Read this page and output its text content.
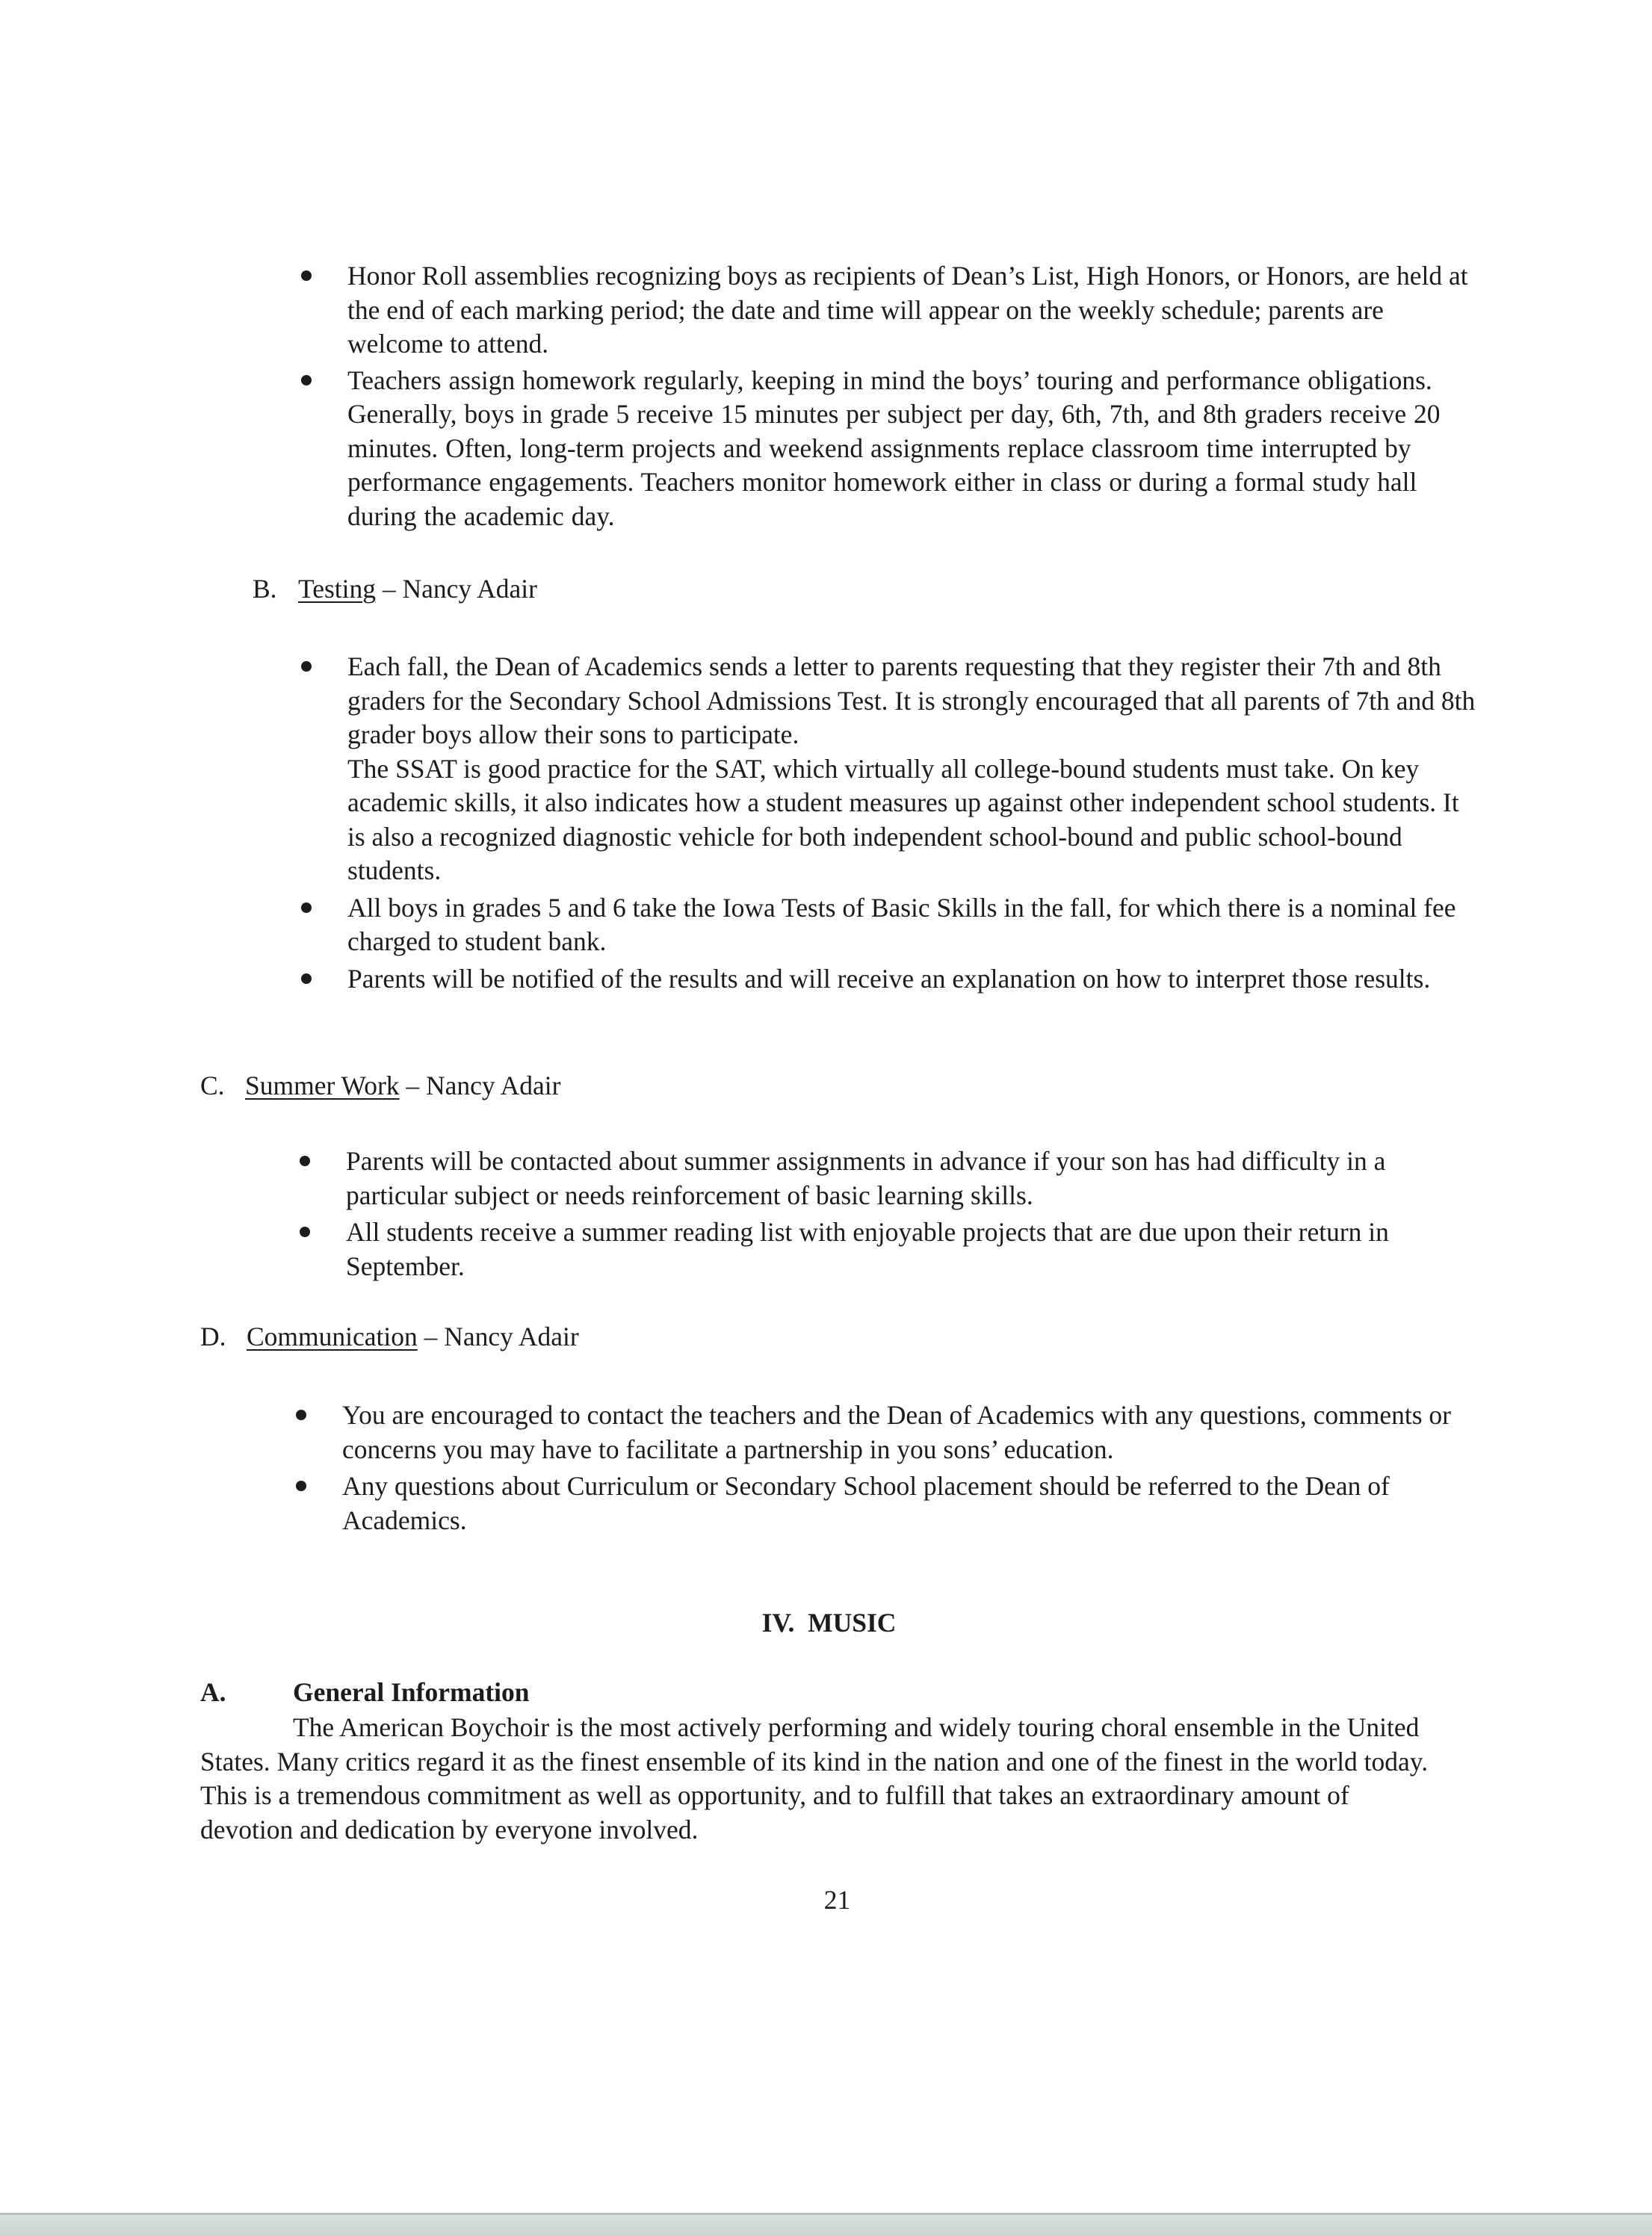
Honor Roll assemblies recognizing boys as recipients of Dean’s List, High Honors, or Honors, are held at the end of each marking period; the date and time will appear on the weekly schedule; parents are welcome to attend.
Teachers assign homework regularly, keeping in mind the boys’ touring and performance obligations. Generally, boys in grade 5 receive 15 minutes per subject per day, 6th, 7th, and 8th graders receive 20 minutes. Often, long-term projects and weekend assignments replace classroom time interrupted by performance engagements. Teachers monitor homework either in class or during a formal study hall during the academic day.
B. Testing – Nancy Adair
Each fall, the Dean of Academics sends a letter to parents requesting that they register their 7th and 8th graders for the Secondary School Admissions Test. It is strongly encouraged that all parents of 7th and 8th grader boys allow their sons to participate.
The SSAT is good practice for the SAT, which virtually all college-bound students must take. On key academic skills, it also indicates how a student measures up against other independent school students. It is also a recognized diagnostic vehicle for both independent school-bound and public school-bound students.
All boys in grades 5 and 6 take the Iowa Tests of Basic Skills in the fall, for which there is a nominal fee charged to student bank.
Parents will be notified of the results and will receive an explanation on how to interpret those results.
C. Summer Work – Nancy Adair
Parents will be contacted about summer assignments in advance if your son has had difficulty in a particular subject or needs reinforcement of basic learning skills.
All students receive a summer reading list with enjoyable projects that are due upon their return in September.
D. Communication – Nancy Adair
You are encouraged to contact the teachers and the Dean of Academics with any questions, comments or concerns you may have to facilitate a partnership in you sons’ education.
Any questions about Curriculum or Secondary School placement should be referred to the Dean of Academics.
IV.  MUSIC
A.	General Information
The American Boychoir is the most actively performing and widely touring choral ensemble in the United States. Many critics regard it as the finest ensemble of its kind in the nation and one of the finest in the world today. This is a tremendous commitment as well as opportunity, and to fulfill that takes an extraordinary amount of devotion and dedication by everyone involved.
21
